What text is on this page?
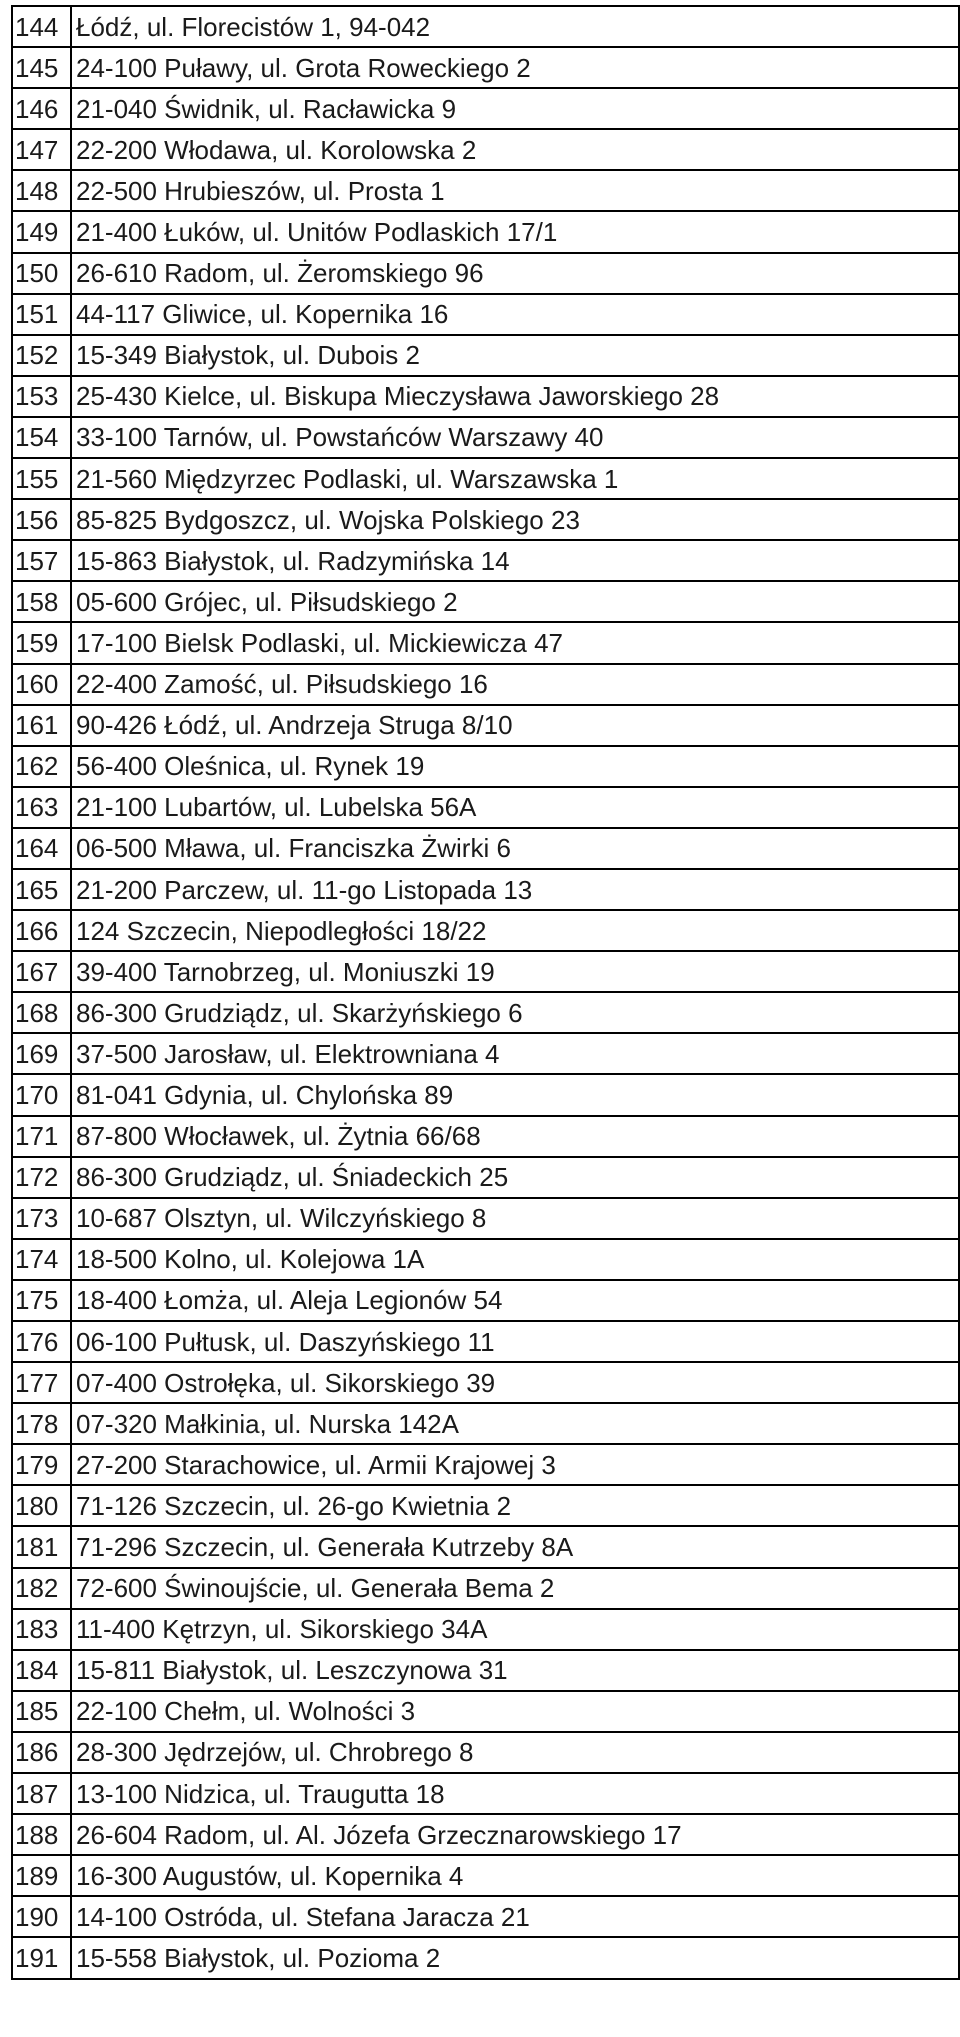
144	Łódź, ul. Florecistów 1, 94-042
145	24-100 Puławy, ul. Grota Roweckiego 2
146	21-040 Świdnik, ul. Racławicka 9
147	22-200 Włodawa, ul. Korolowska 2
148	22-500 Hrubieszów, ul. Prosta 1
149	21-400 Łuków, ul. Unitów Podlaskich 17/1
150	26-610 Radom, ul. Żeromskiego 96
151	44-117 Gliwice, ul. Kopernika 16
152	15-349 Białystok, ul. Dubois 2
153	25-430 Kielce, ul. Biskupa Mieczysława Jaworskiego 28
154	33-100 Tarnów, ul. Powstańców Warszawy 40
155	21-560 Międzyrzec Podlaski, ul. Warszawska 1
156	85-825 Bydgoszcz, ul. Wojska Polskiego 23
157	15-863 Białystok, ul. Radzymińska 14
158	05-600 Grójec, ul. Piłsudskiego 2
159	17-100 Bielsk Podlaski, ul. Mickiewicza 47
160	22-400 Zamość, ul. Piłsudskiego 16
161	90-426 Łódź, ul. Andrzeja Struga 8/10
162	56-400 Oleśnica, ul. Rynek 19
163	21-100 Lubartów, ul. Lubelska 56A
164	06-500 Mława, ul. Franciszka Żwirki 6
165	21-200 Parczew, ul. 11-go Listopada 13
166	124 Szczecin, Niepodległości 18/22
167	39-400 Tarnobrzeg, ul. Moniuszki 19
168	86-300 Grudziądz, ul. Skarżyńskiego 6
169	37-500 Jarosław, ul. Elektrowniana 4
170	81-041 Gdynia, ul. Chylońska 89
171	87-800 Włocławek, ul. Żytnia 66/68
172	86-300 Grudziądz, ul. Śniadeckich 25
173	10-687 Olsztyn, ul. Wilczyńskiego 8
174	18-500 Kolno, ul. Kolejowa 1A
175	18-400 Łomża, ul. Aleja Legionów 54
176	06-100 Pułtusk, ul. Daszyńskiego 11
177	07-400 Ostrołęka, ul. Sikorskiego 39
178	07-320 Małkinia, ul. Nurska 142A
179	27-200 Starachowice, ul. Armii Krajowej 3
180	71-126 Szczecin, ul. 26-go Kwietnia 2
181	71-296 Szczecin, ul. Generała Kutrzeby 8A
182	72-600 Świnoujście, ul. Generała Bema 2
183	11-400 Kętrzyn, ul. Sikorskiego 34A
184	15-811 Białystok, ul. Leszczynowa 31
185	22-100 Chełm, ul. Wolności 3
186	28-300 Jędrzejów, ul. Chrobrego 8
187	13-100 Nidzica, ul. Traugutta 18
188	26-604 Radom, ul. Al. Józefa Grzecznarowskiego 17
189	16-300 Augustów, ul. Kopernika 4
190	14-100 Ostróda, ul. Stefana Jaracza 21
191	15-558 Białystok, ul. Pozioma 2
